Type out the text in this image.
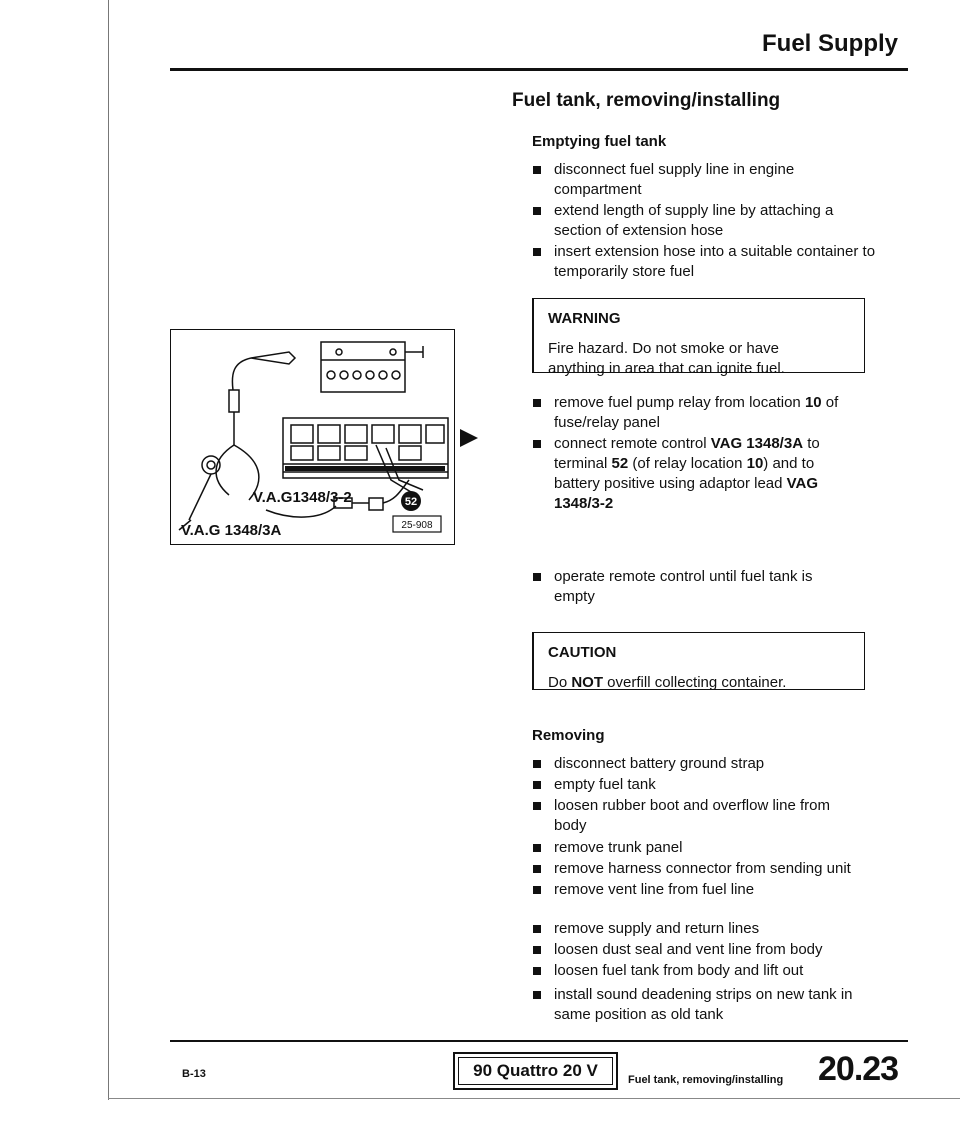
Fuel Supply
Fuel tank, removing/installing
Emptying fuel tank
disconnect fuel supply line in engine compartment
extend length of supply line by attaching a section of extension hose
insert extension hose into a suitable container to temporarily store fuel
WARNING
Fire hazard. Do not smoke or have anything in area that can ignite fuel.
remove fuel pump relay from location 10 of fuse/relay panel
connect remote control VAG 1348/3A to terminal 52 (of relay location 10) and to battery positive using adaptor lead VAG 1348/3-2
operate remote control until fuel tank is empty
CAUTION
Do NOT overfill collecting container.
Removing
disconnect battery ground strap
empty fuel tank
loosen rubber boot and overflow line from body
remove trunk panel
remove harness connector from sending unit
remove vent line from fuel line
remove supply and return lines
loosen dust seal and vent line from body
loosen fuel tank from body and lift out
install sound deadening strips on new tank in same position as old tank
52
V.A.G1348/3-2
V.A.G 1348/3A	25-908
B-13	90 Quattro 20 V	Fuel tank, removing/installing 20.23
